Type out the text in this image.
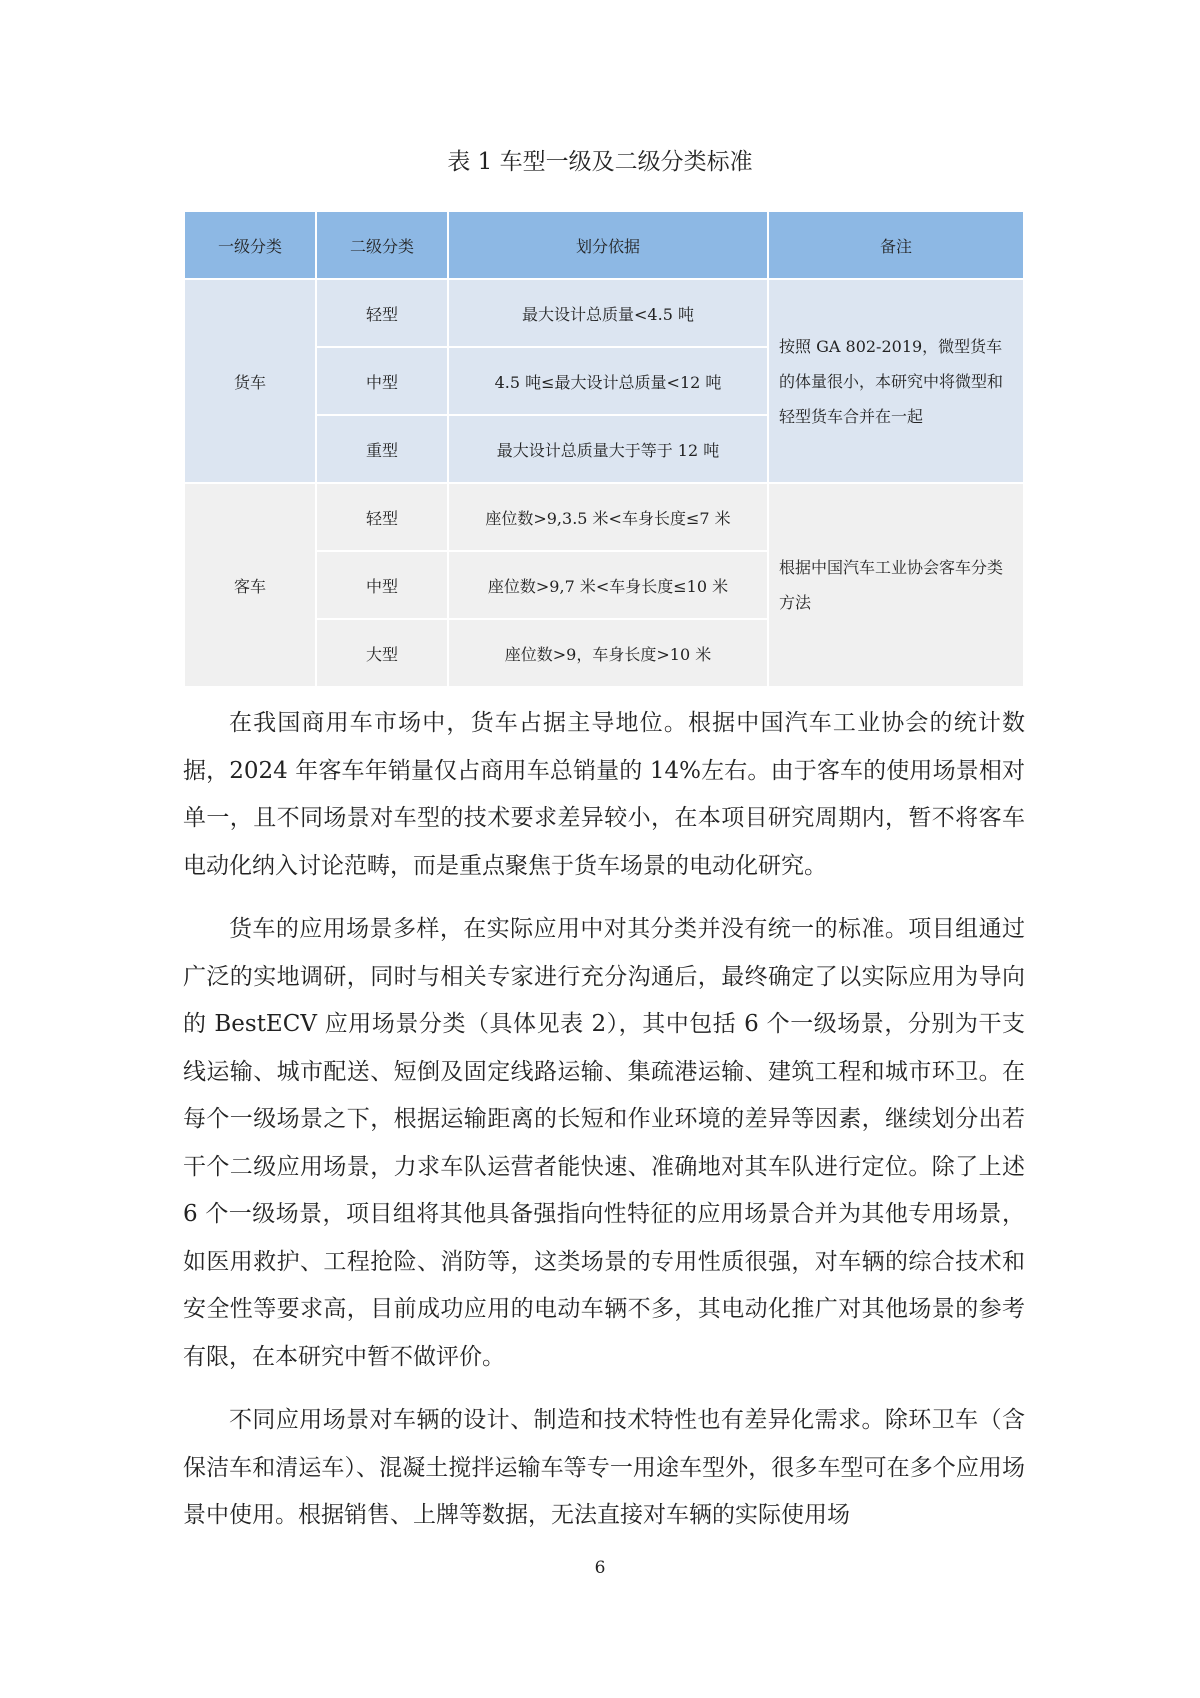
表 1 车型一级及二级分类标准
一级分类	二级分类	划分依据	备注
货车	轻型	最大设计总质量<4.5 吨	按照 GA 802-2019，微型货车的体量很小，本研究中将微型和轻型货车合并在一起
	中型	4.5 吨≤最大设计总质量<12 吨	
	重型	最大设计总质量大于等于 12 吨	
客车	轻型	座位数>9,3.5 米<车身长度≤7 米	根据中国汽车工业协会客车分类方法
	中型	座位数>9,7 米<车身长度≤10 米	
	大型	座位数>9，车身长度>10 米	

在我国商用车市场中，货车占据主导地位。根据中国汽车工业协会的统计数据，2024 年客车年销量仅占商用车总销量的 14%左右。由于客车的使用场景相对单一，且不同场景对车型的技术要求差异较小，在本项目研究周期内，暂不将客车电动化纳入讨论范畴，而是重点聚焦于货车场景的电动化研究。

货车的应用场景多样，在实际应用中对其分类并没有统一的标准。项目组通过广泛的实地调研，同时与相关专家进行充分沟通后，最终确定了以实际应用为导向的 BestECV 应用场景分类（具体见表 2），其中包括 6 个一级场景，分别为干支线运输、城市配送、短倒及固定线路运输、集疏港运输、建筑工程和城市环卫。在每个一级场景之下，根据运输距离的长短和作业环境的差异等因素，继续划分出若干个二级应用场景，力求车队运营者能快速、准确地对其车队进行定位。除了上述 6 个一级场景，项目组将其他具备强指向性特征的应用场景合并为其他专用场景，如医用救护、工程抢险、消防等，这类场景的专用性质很强，对车辆的综合技术和安全性等要求高，目前成功应用的电动车辆不多，其电动化推广对其他场景的参考有限，在本研究中暂不做评价。

不同应用场景对车辆的设计、制造和技术特性也有差异化需求。除环卫车（含保洁车和清运车）、混凝土搅拌运输车等专一用途车型外，很多车型可在多个应用场景中使用。根据销售、上牌等数据，无法直接对车辆的实际使用场

6
